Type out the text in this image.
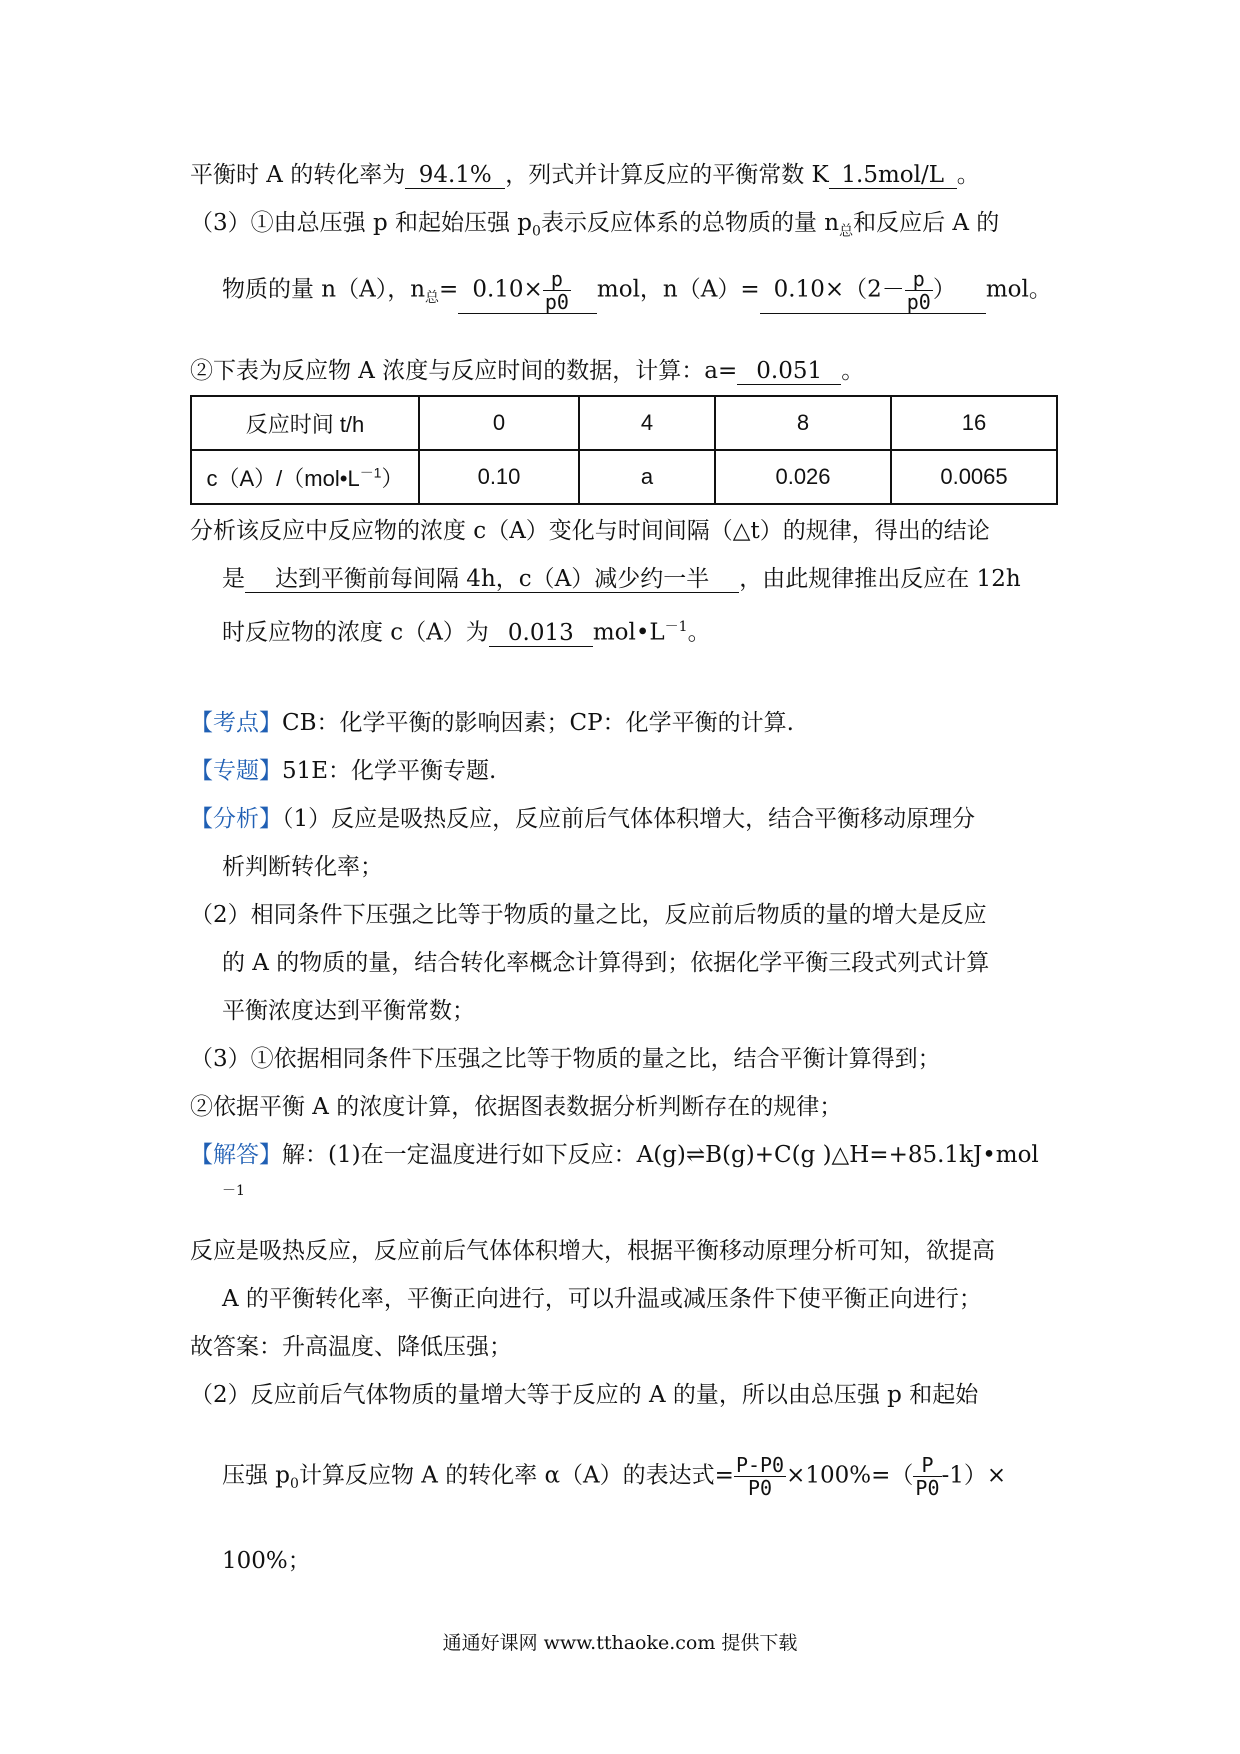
平衡时 A 的转化率为 94.1% ，列式并计算反应的平衡常数 K 1.5mol/L 。
（3）①由总压强 p 和起始压强 $p_0$表示反应体系的总物质的量 $n_总$和反应后 A 的
物质的量 n（A），$n_总= 0.10\times \frac{p}{p0}$ mol，$n(A)= 0.10\times(2- \frac{p}{p0}$ ） mol。
②下表为反应物 A 浓度与反应时间的数据，计算：a= 0.051 。
反应时间 t/h	0	4	8	16
$c(A)/(mol•L^{-1})$	0.10	a	0.026	0.0065
分析该反应中反应物的浓度 c（A）变化与时间间隔（△t）的规律，得出的结论
是 达到平衡前每间隔 4h，c（A）减少约一半 ，由此规律推出反应在 12h
时反应物的浓度 c（A）为 0.013 $mol•L^{-1}$。
【考点】CB：化学平衡的影响因素；CP：化学平衡的计算.
【专题】51E：化学平衡专题.
【分析】（1）反应是吸热反应，反应前后气体体积增大，结合平衡移动原理分
析判断转化率；
（2）相同条件下压强之比等于物质的量之比，反应前后物质的量的增大是反应
的 A 的物质的量，结合转化率概念计算得到；依据化学平衡三段式列式计算
平衡浓度达到平衡常数；
（3）①依据相同条件下压强之比等于物质的量之比，结合平衡计算得到；
②依据平衡 A 的浓度计算，依据图表数据分析判断存在的规律；
【解答】解：(1)在一定温度进行如下反应：A(g)⇌B(g)+C(g )△H=+85.1kJ•mol
－1
反应是吸热反应，反应前后气体体积增大，根据平衡移动原理分析可知，欲提高
A 的平衡转化率，平衡正向进行，可以升温或减压条件下使平衡正向进行；
故答案：升高温度、降低压强；
（2）反应前后气体物质的量增大等于反应的 A 的量，所以由总压强 p 和起始
压强 $p_0$计算反应物 A 的转化率 α（A）的表达式= $\frac{P-P0}{P0} \times 100\%=( \frac{P}{P0} -1)\times$
100%；
通通好课网 www.tthaoke.com 提供下载
